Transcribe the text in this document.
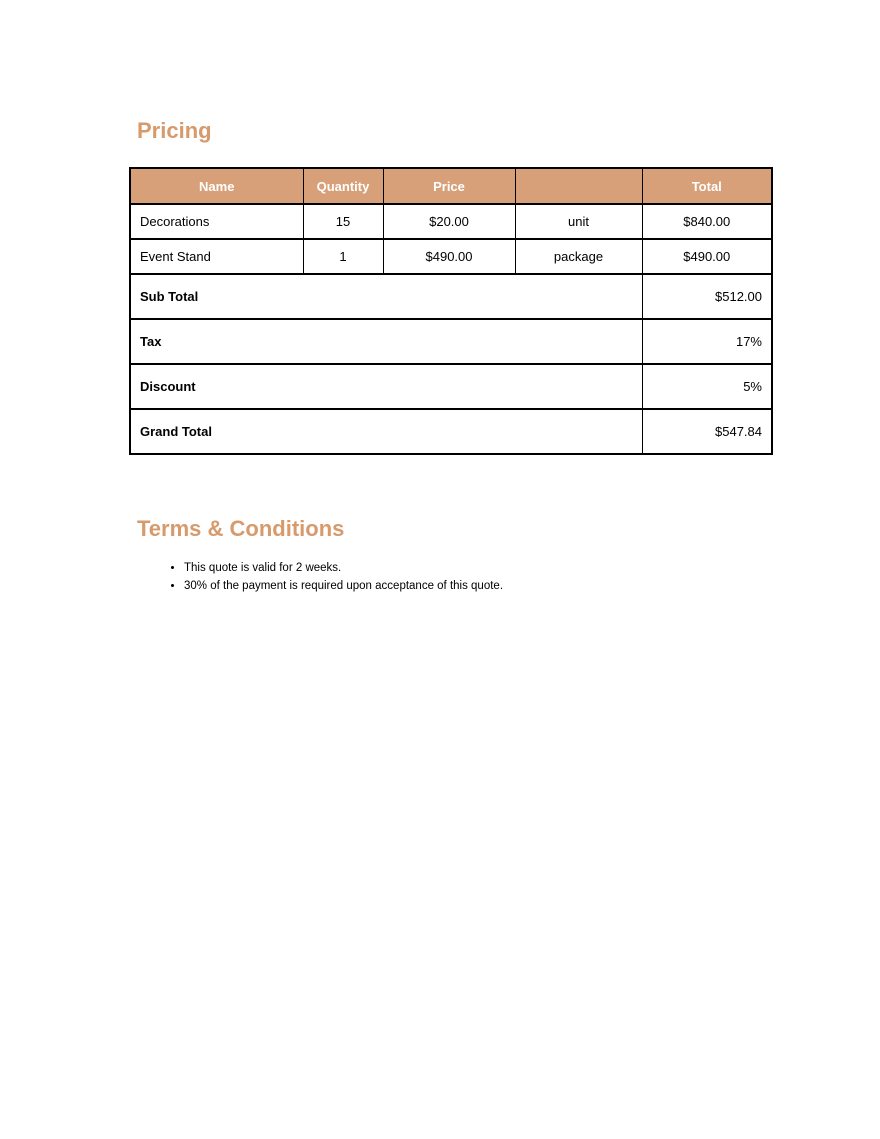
Pricing
Name	Quantity	Price		Total
Decorations	15	$20.00	unit	$840.00
Event Stand	1	$490.00	package	$490.00
Sub Total				$512.00
Tax				17%
Discount				5%
Grand Total				$547.84
Terms & Conditions
• This quote is valid for 2 weeks.
• 30% of the payment is required upon acceptance of this quote.
